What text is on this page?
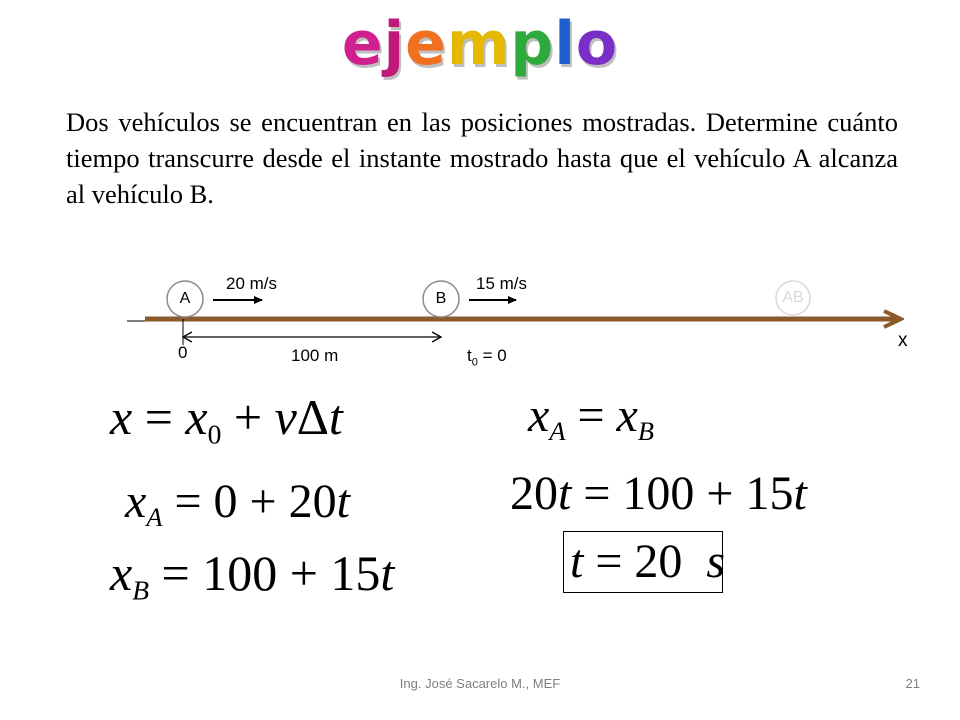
ejemplo
Dos vehículos se encuentran en las posiciones mostradas. Determine cuánto tiempo transcurre desde el instante mostrado hasta que el vehículo A alcanza al vehículo B.
A	B	AB
20 m/s	15 m/s
0	100 m	$t_0 = 0$
x
$x = x_0 + v\Delta t$
$x_A = 0 + 20t$
$x_B = 100 + 15t$
$x_A = x_B$
20t = 100 + 15t
t = 20 s
Ing. José Sacarelo M., MEF	21
